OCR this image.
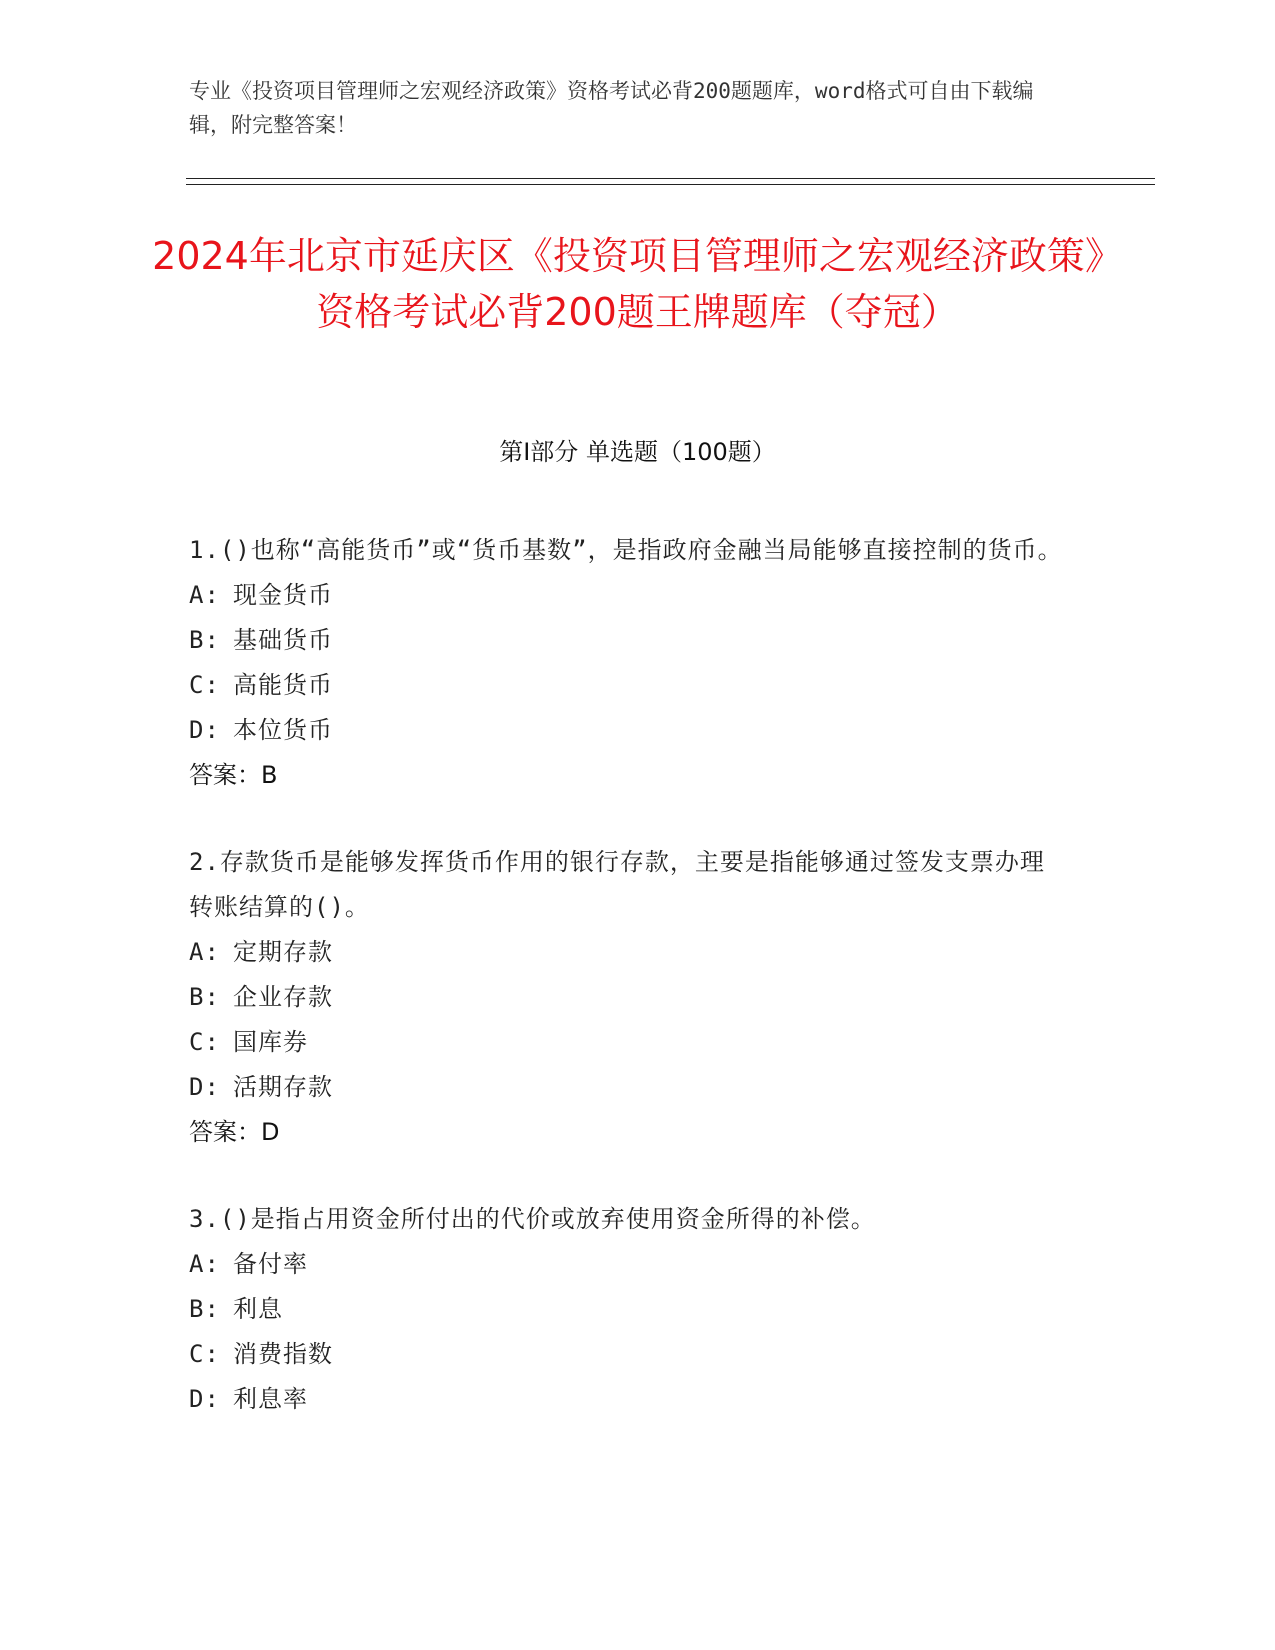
专业《投资项目管理师之宏观经济政策》资格考试必背200题题库，word格式可自由下载编辑，附完整答案！
2024年北京市延庆区《投资项目管理师之宏观经济政策》资格考试必背200题王牌题库（夺冠）
第I部分 单选题（100题）
1.()也称“高能货币”或“货币基数”，是指政府金融当局能够直接控制的货币。
A: 现金货币
B: 基础货币
C: 高能货币
D: 本位货币
答案：B
2.存款货币是能够发挥货币作用的银行存款，主要是指能够通过签发支票办理转账结算的()。
A: 定期存款
B: 企业存款
C: 国库券
D: 活期存款
答案：D
3.()是指占用资金所付出的代价或放弃使用资金所得的补偿。
A: 备付率
B: 利息
C: 消费指数
D: 利息率
